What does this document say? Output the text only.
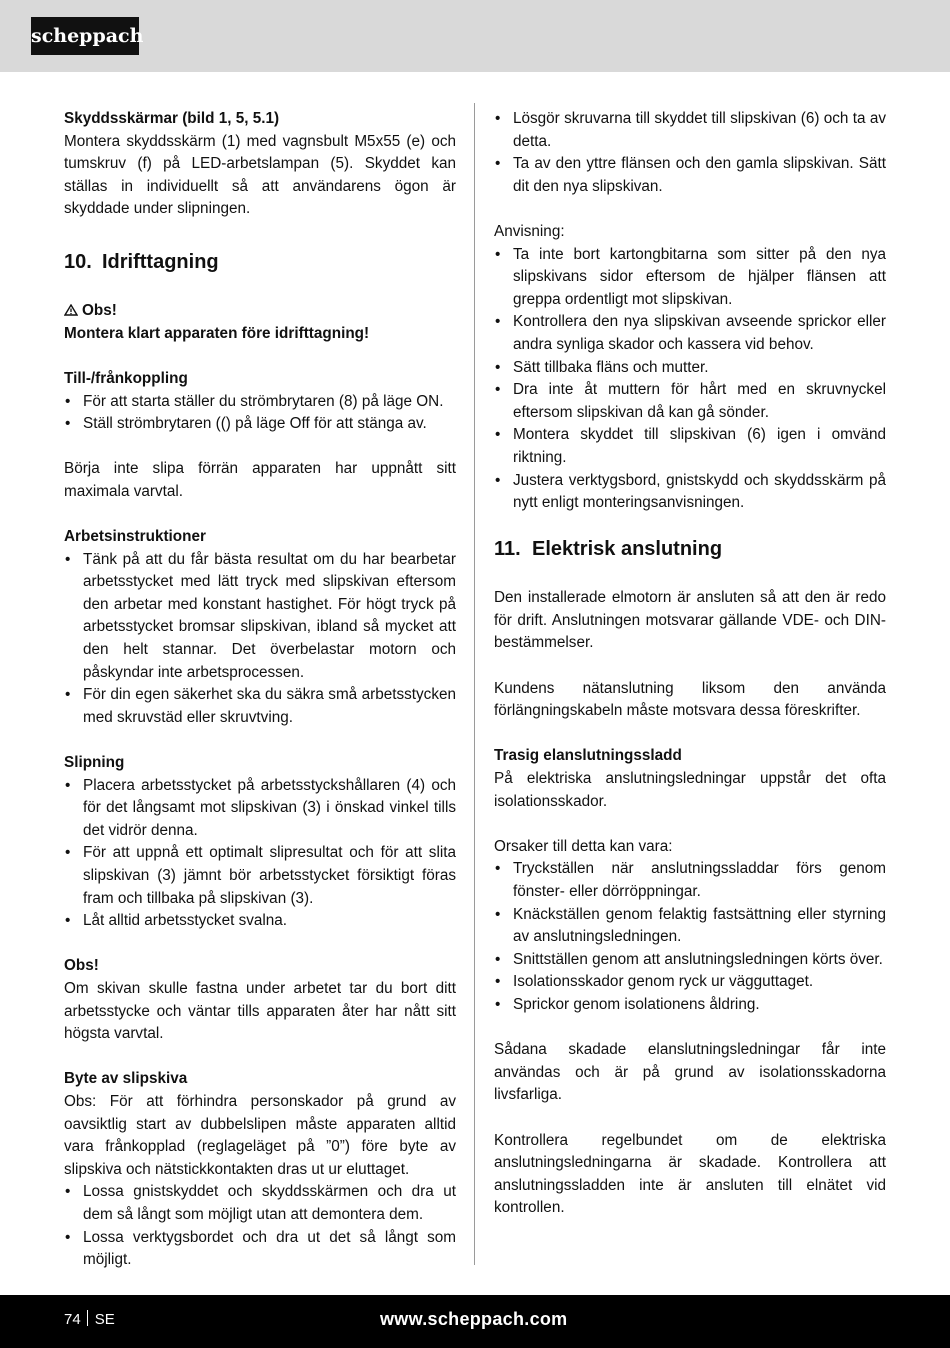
scheppach

Skyddsskärmar (bild 1, 5, 5.1)

Montera skyddsskärm (1) med vagnsbult M5x55 (e) och tumskruv (f) på LED-arbetslampan (5). Skyddet kan ställas in individuellt så att användarens ögon är skyddade under slipningen.

10. Idrifttagning

Obs!

Montera klart apparaten före idrifttagning!

Till-/frånkoppling

• För att starta ställer du strömbrytaren (8) på läge ON.
• Ställ strömbrytaren (() på läge Off för att stänga av.

Börja inte slipa förrän apparaten har uppnått sitt maximala varvtal.

Arbetsinstruktioner

• Tänk på att du får bästa resultat om du har bearbetar arbetsstycket med lätt tryck med slipskivan eftersom den arbetar med konstant hastighet. För högt tryck på arbetsstycket bromsar slipskivan, ibland så mycket att den helt stannar. Det överbelastar motorn och påskyndar inte arbetsprocessen.
• För din egen säkerhet ska du säkra små arbetsstycken med skruvstäd eller skruvtving.

Slipning

• Placera arbetsstycket på arbetsstyckshållaren (4) och för det långsamt mot slipskivan (3) i önskad vinkel tills det vidrör denna.
• För att uppnå ett optimalt slipresultat och för att slita slipskivan (3) jämnt bör arbetsstycket försiktigt föras fram och tillbaka på slipskivan (3).
• Låt alltid arbetsstycket svalna.

Obs!

Om skivan skulle fastna under arbetet tar du bort ditt arbetsstycke och väntar tills apparaten åter har nått sitt högsta varvtal.

Byte av slipskiva

Obs: För att förhindra personskador på grund av oavsiktlig start av dubbelslipen måste apparaten alltid vara frånkopplad (reglageläget på ”0”) före byte av slipskiva och nätstickkontakten dras ut ur eluttaget.

• Lossa gnistskyddet och skyddsskärmen och dra ut dem så långt som möjligt utan att demontera dem.
• Lossa verktygsbordet och dra ut det så långt som möjligt.
• Lösgör skruvarna till skyddet till slipskivan (6) och ta av detta.
• Ta av den yttre flänsen och den gamla slipskivan. Sätt dit den nya slipskivan.

Anvisning:

• Ta inte bort kartongbitarna som sitter på den nya slipskivans sidor eftersom de hjälper flänsen att greppa ordentligt mot slipskivan.
• Kontrollera den nya slipskivan avseende sprickor eller andra synliga skador och kassera vid behov.
• Sätt tillbaka fläns och mutter.
• Dra inte åt muttern för hårt med en skruvnyckel eftersom slipskivan då kan gå sönder.
• Montera skyddet till slipskivan (6) igen i omvänd riktning.
• Justera verktygsbord, gnistskydd och skyddsskärm på nytt enligt monteringsanvisningen.
11. Elektrisk anslutning

Den installerade elmotorn är ansluten så att den är redo för drift. Anslutningen motsvarar gällande VDE- och DIN-bestämmelser.

Kundens nätanslutning liksom den använda förlängningskabeln måste motsvara dessa föreskrifter.

Trasig elanslutningssladd

På elektriska anslutningsledningar uppstår det ofta isolationsskador.

Orsaker till detta kan vara:

• Tryckställen när anslutningssladdar förs genom fönster- eller dörröppningar.
• Knäckställen genom felaktig fastsättning eller styrning av anslutningsledningen.
• Snittställen genom att anslutningsledningen körts över.
• Isolationsskador genom ryck ur vägguttaget.
• Sprickor genom isolationens åldring.

Sådana skadade elanslutningsledningar får inte användas och är på grund av isolationsskadorna livsfarliga.

Kontrollera regelbundet om de elektriska anslutningsledningarna är skadade. Kontrollera att anslutningssladden inte är ansluten till elnätet vid kontrollen.

74 SE	www.scheppach.com
